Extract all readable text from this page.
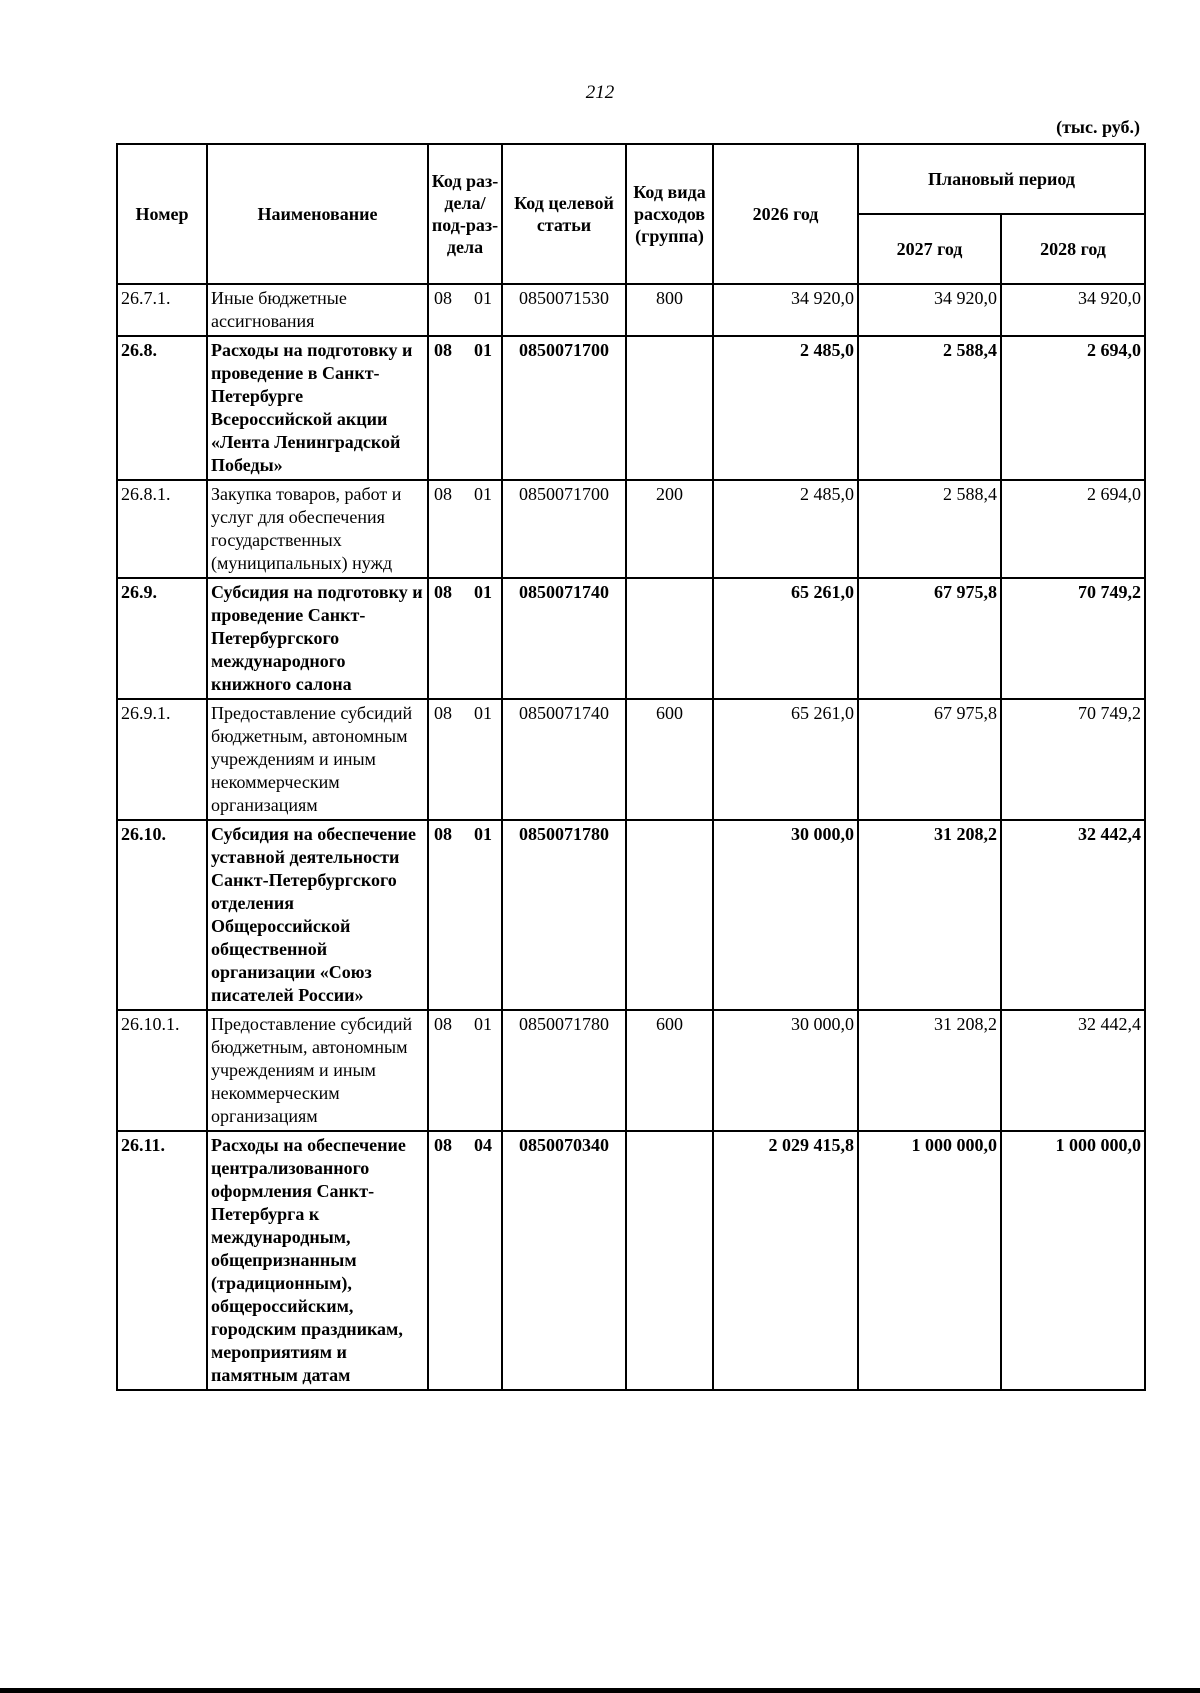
212
(тыс. руб.)
Номер	Наименование	Код раз-дела/ под-раз-дела	Код целевой статьи	Код вида расходов (группа)	2026 год	Плановый период	
						2027 год	2028 год
26.7.1.	Иные бюджетные ассигнования	08 01	0850071530	800	34 920,0	34 920,0	34 920,0
26.8.	Расходы на подготовку и проведение в Санкт-Петербурге Всероссийской акции «Лента Ленинградской Победы»	08 01	0850071700		2 485,0	2 588,4	2 694,0
26.8.1.	Закупка товаров, работ и услуг для обеспечения государственных (муниципальных) нужд	08 01	0850071700	200	2 485,0	2 588,4	2 694,0
26.9.	Субсидия на подготовку и проведение Санкт-Петербургского международного книжного салона	08 01	0850071740		65 261,0	67 975,8	70 749,2
26.9.1.	Предоставление субсидий бюджетным, автономным учреждениям и иным некоммерческим организациям	08 01	0850071740	600	65 261,0	67 975,8	70 749,2
26.10.	Субсидия на обеспечение уставной деятельности Санкт-Петербургского отделения Общероссийской общественной организации «Союз писателей России»	08 01	0850071780		30 000,0	31 208,2	32 442,4
26.10.1.	Предоставление субсидий бюджетным, автономным учреждениям и иным некоммерческим организациям	08 01	0850071780	600	30 000,0	31 208,2	32 442,4
26.11.	Расходы на обеспечение централизованного оформления Санкт-Петербурга к международным, общепризнанным (традиционным), общероссийским, городским праздникам, мероприятиям и памятным датам	08 04	0850070340		2 029 415,8	1 000 000,0	1 000 000,0
